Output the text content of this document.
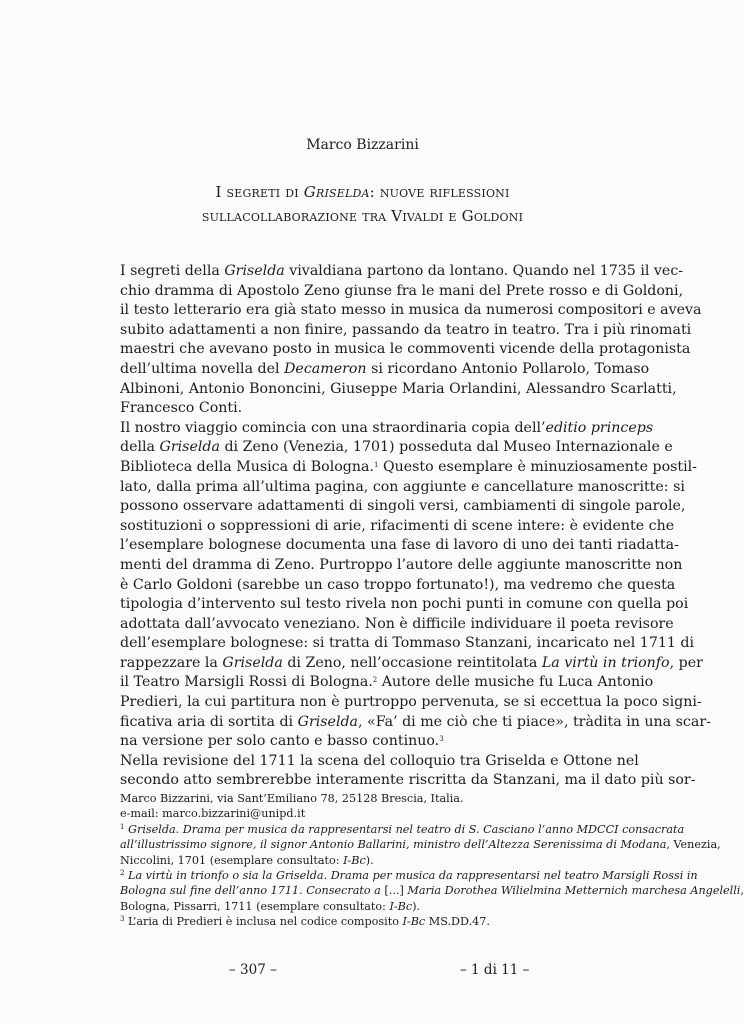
Marco Bizzarini
I segreti di Griselda: nuove riflessioni
sullacollaborazione tra Vivaldi e Goldoni
I segreti della Griselda vivaldiana partono da lontano. Quando nel 1735 il vec-
chio dramma di Apostolo Zeno giunse fra le mani del Prete rosso e di Goldoni,
il testo letterario era già stato messo in musica da numerosi compositori e aveva
subito adattamenti a non finire, passando da teatro in teatro. Tra i più rinomati
maestri che avevano posto in musica le commoventi vicende della protagonista
dell’ultima novella del Decameron si ricordano Antonio Pollarolo, Tomaso
Albinoni, Antonio Bononcini, Giuseppe Maria Orlandini, Alessandro Scarlatti,
Francesco Conti.
Il nostro viaggio comincia con una straordinaria copia dell’editio princeps
della Griselda di Zeno (Venezia, 1701) posseduta dal Museo Internazionale e
Biblioteca della Musica di Bologna.$^1$ Questo esemplare è minuziosamente postil-
lato, dalla prima all’ultima pagina, con aggiunte e cancellature manoscritte: si
possono osservare adattamenti di singoli versi, cambiamenti di singole parole,
sostituzioni o soppressioni di arie, rifacimenti di scene intere: è evidente che
l’esemplare bolognese documenta una fase di lavoro di uno dei tanti riadatta-
menti del dramma di Zeno. Purtroppo l’autore delle aggiunte manoscritte non
è Carlo Goldoni (sarebbe un caso troppo fortunato!), ma vedremo che questa
tipologia d’intervento sul testo rivela non pochi punti in comune con quella poi
adottata dall’avvocato veneziano. Non è difficile individuare il poeta revisore
dell’esemplare bolognese: si tratta di Tommaso Stanzani, incaricato nel 1711 di
rappezzare la Griselda di Zeno, nell’occasione reintitolata La virtù in trionfo, per
il Teatro Marsigli Rossi di Bologna.$^2$ Autore delle musiche fu Luca Antonio
Predieri, la cui partitura non è purtroppo pervenuta, se si eccettua la poco signi-
ficativa aria di sortita di Griselda, «Fa’ di me ciò che ti piace», tràdita in una scar-
na versione per solo canto e basso continuo.$^3$
Nella revisione del 1711 la scena del colloquio tra Griselda e Ottone nel
secondo atto sembrerebbe interamente riscritta da Stanzani, ma il dato più sor-
Marco Bizzarini, via Sant’Emiliano 78, 25128 Brescia, Italia.
e-mail: marco.bizzarini@unipd.it
$^1$ Griselda. Drama per musica da rappresentarsi nel teatro di S. Casciano l’anno MDCCI consacrata
all’illustrissimo signore, il signor Antonio Ballarini, ministro dell’Altezza Serenissima di Modana, Venezia,
Niccolini, 1701 (esemplare consultato: I-Bc).
$^2$ La virtù in trionfo o sia la Griselda. Drama per musica da rappresentarsi nel teatro Marsigli Rossi in
Bologna sul fine dell’anno 1711. Consecrato a [...] Maria Dorothea Wilielmina Metternich marchesa Angelelli,
Bologna, Pissarri, 1711 (esemplare consultato: I-Bc).
$^3$ L’aria di Predieri è inclusa nel codice composito I-Bc MS.DD.47.
– 307 –	– 1 di 11 –
